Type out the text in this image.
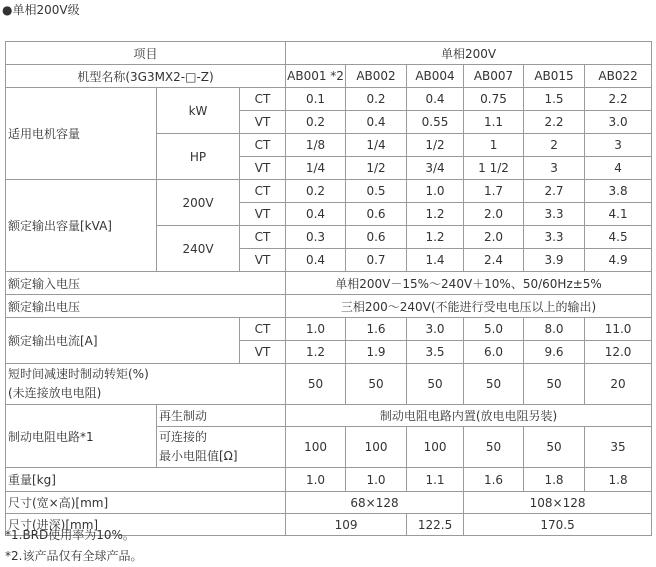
●单相200V级
项目			单相200V					
机型名称(3G3MX2-□-Z)			AB001 *2	AB002	AB004	AB007	AB015	AB022
适用电机容量	kW	CT	0.1	0.2	0.4	0.75	1.5	2.2
		VT	0.2	0.4	0.55	1.1	2.2	3.0
	HP	CT	1/8	1/4	1/2	1	2	3
		VT	1/4	1/2	3/4	1 1/2	3	4
额定输出容量[kVA]	200V	CT	0.2	0.5	1.0	1.7	2.7	3.8
		VT	0.4	0.6	1.2	2.0	3.3	4.1
	240V	CT	0.3	0.6	1.2	2.0	3.3	4.5
		VT	0.4	0.7	1.4	2.4	3.9	4.9
额定输入电压			单相200V－15%～240V＋10%、50/60Hz±5%					
额定输出电压			三相200～240V(不能进行受电电压以上的输出)					
额定输出电流[A]		CT	1.0	1.6	3.0	5.0	8.0	11.0
		VT	1.2	1.9	3.5	6.0	9.6	12.0
短时间减速时制动转矩(%)
(未连接放电电阻)			50	50	50	50	50	20
制动电阻电路*1	再生制动		制动电阻电路内置(放电电阻另装)					
	可连接的
最小电阻值[Ω]		100	100	100	50	50	35
重量[kg]			1.0	1.0	1.1	1.6	1.8	1.8
尺寸(宽×高)[mm]			68×128			108×128		
尺寸(进深)[mm]			109		122.5	170.5		
*1.BRD使用率为10%。
*2.该产品仅有全球产品。
